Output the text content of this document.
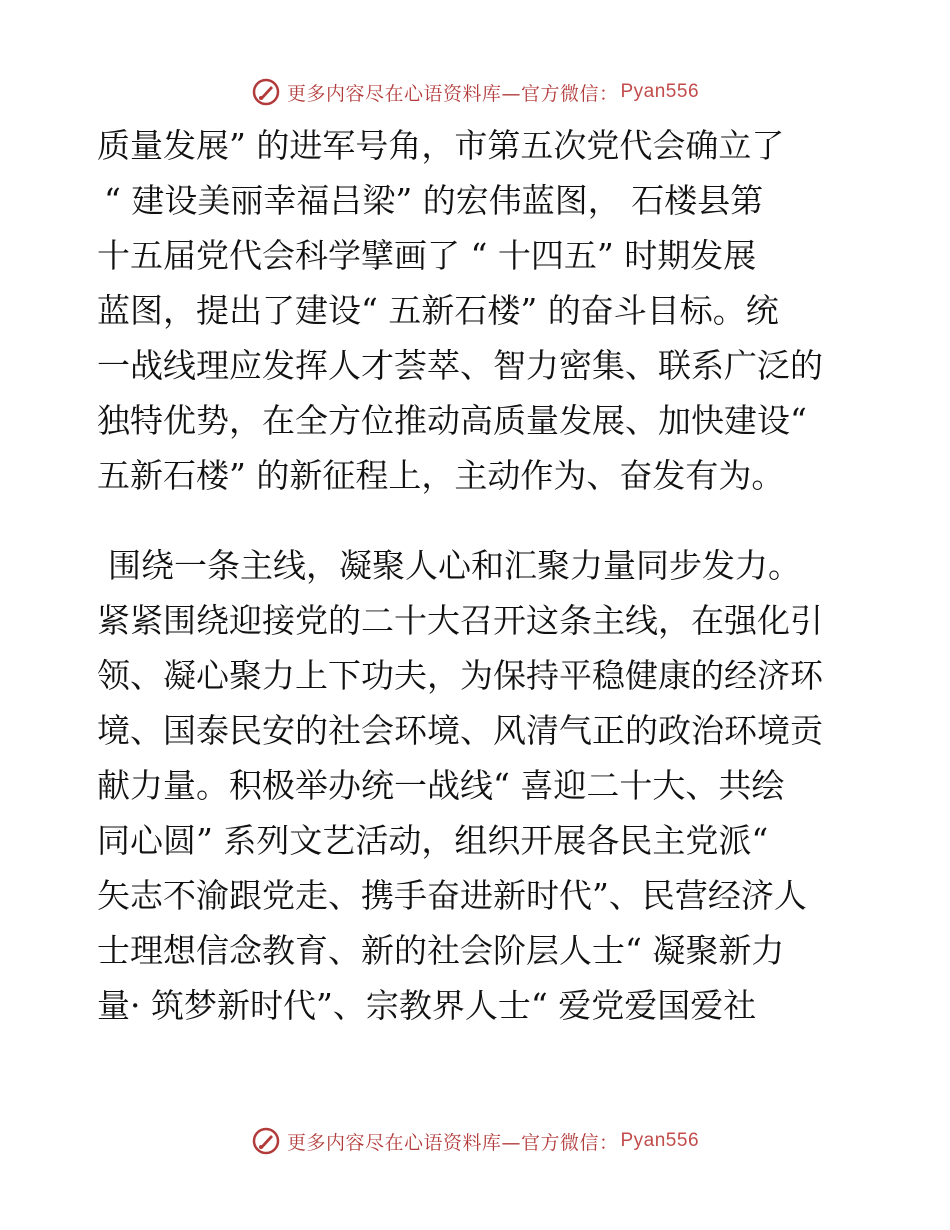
更多内容尽在心语资料库—官方微信： Pyan556
质量发展” 的进军号角，市第五次党代会确立了
“ 建设美丽幸福吕梁” 的宏伟蓝图， 石楼县第
十五届党代会科学擘画了 “ 十四五” 时期发展
蓝图，提出了建设“ 五新石楼” 的奋斗目标。统
一战线理应发挥人才荟萃、智力密集、联系广泛的
独特优势，在全方位推动高质量发展、加快建设“
五新石楼” 的新征程上，主动作为、奋发有为。
围绕一条主线，凝聚人心和汇聚力量同步发力。
紧紧围绕迎接党的二十大召开这条主线，在强化引
领、凝心聚力上下功夫，为保持平稳健康的经济环
境、国泰民安的社会环境、风清气正的政治环境贡
献力量。积极举办统一战线“ 喜迎二十大、共绘
同心圆” 系列文艺活动，组织开展各民主党派“
矢志不渝跟党走、携手奋进新时代”、民营经济人
士理想信念教育、新的社会阶层人士“ 凝聚新力
量· 筑梦新时代”、宗教界人士“ 爱党爱国爱社
更多内容尽在心语资料库—官方微信： Pyan556
